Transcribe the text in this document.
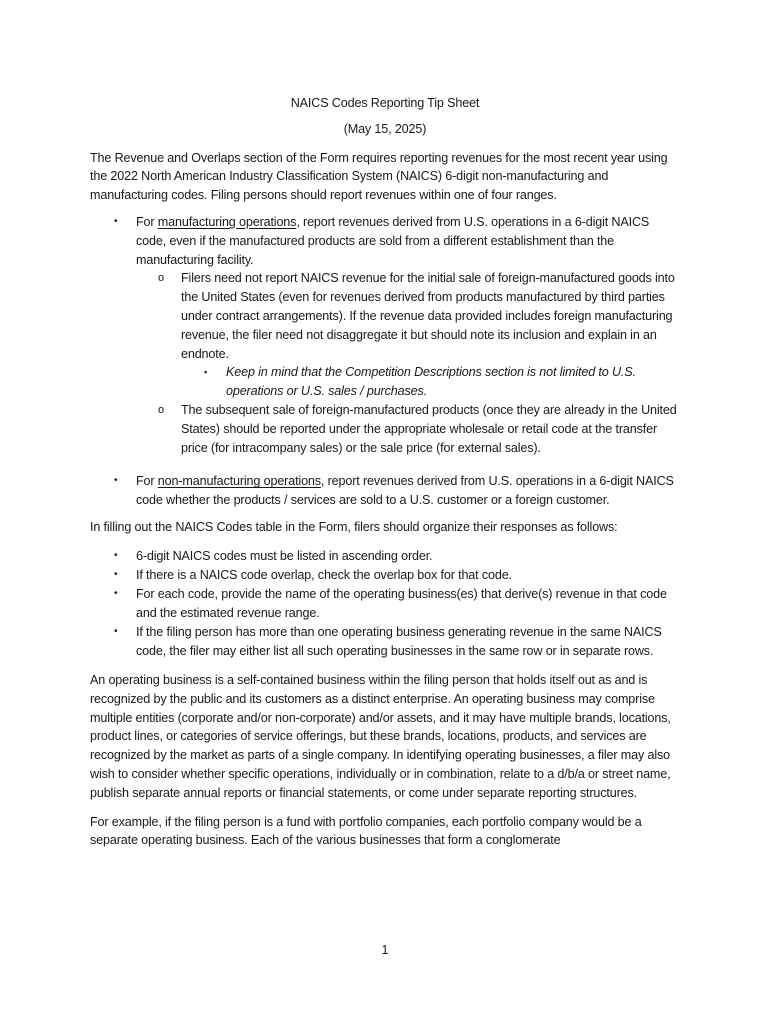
NAICS Codes Reporting Tip Sheet

(May 15, 2025)

The Revenue and Overlaps section of the Form requires reporting revenues for the most recent year using the 2022 North American Industry Classification System (NAICS) 6-digit non-manufacturing and manufacturing codes. Filing persons should report revenues within one of four ranges.

• For manufacturing operations, report revenues derived from U.S. operations in a 6-digit NAICS code, even if the manufactured products are sold from a different establishment than the manufacturing facility.
o Filers need not report NAICS revenue for the initial sale of foreign-manufactured goods into the United States (even for revenues derived from products manufactured by third parties under contract arrangements). If the revenue data provided includes foreign manufacturing revenue, the filer need not disaggregate it but should note its inclusion and explain in an endnote.
▪ Keep in mind that the Competition Descriptions section is not limited to U.S. operations or U.S. sales / purchases.
o The subsequent sale of foreign-manufactured products (once they are already in the United States) should be reported under the appropriate wholesale or retail code at the transfer price (for intracompany sales) or the sale price (for external sales).
• For non-manufacturing operations, report revenues derived from U.S. operations in a 6-digit NAICS code whether the products / services are sold to a U.S. customer or a foreign customer.

In filling out the NAICS Codes table in the Form, filers should organize their responses as follows:

• 6-digit NAICS codes must be listed in ascending order.
• If there is a NAICS code overlap, check the overlap box for that code.
• For each code, provide the name of the operating business(es) that derive(s) revenue in that code and the estimated revenue range.
• If the filing person has more than one operating business generating revenue in the same NAICS code, the filer may either list all such operating businesses in the same row or in separate rows.

An operating business is a self-contained business within the filing person that holds itself out as and is recognized by the public and its customers as a distinct enterprise. An operating business may comprise multiple entities (corporate and/or non-corporate) and/or assets, and it may have multiple brands, locations, product lines, or categories of service offerings, but these brands, locations, products, and services are recognized by the market as parts of a single company. In identifying operating businesses, a filer may also wish to consider whether specific operations, individually or in combination, relate to a d/b/a or street name, publish separate annual reports or financial statements, or come under separate reporting structures.

For example, if the filing person is a fund with portfolio companies, each portfolio company would be a separate operating business. Each of the various businesses that form a conglomerate

1
